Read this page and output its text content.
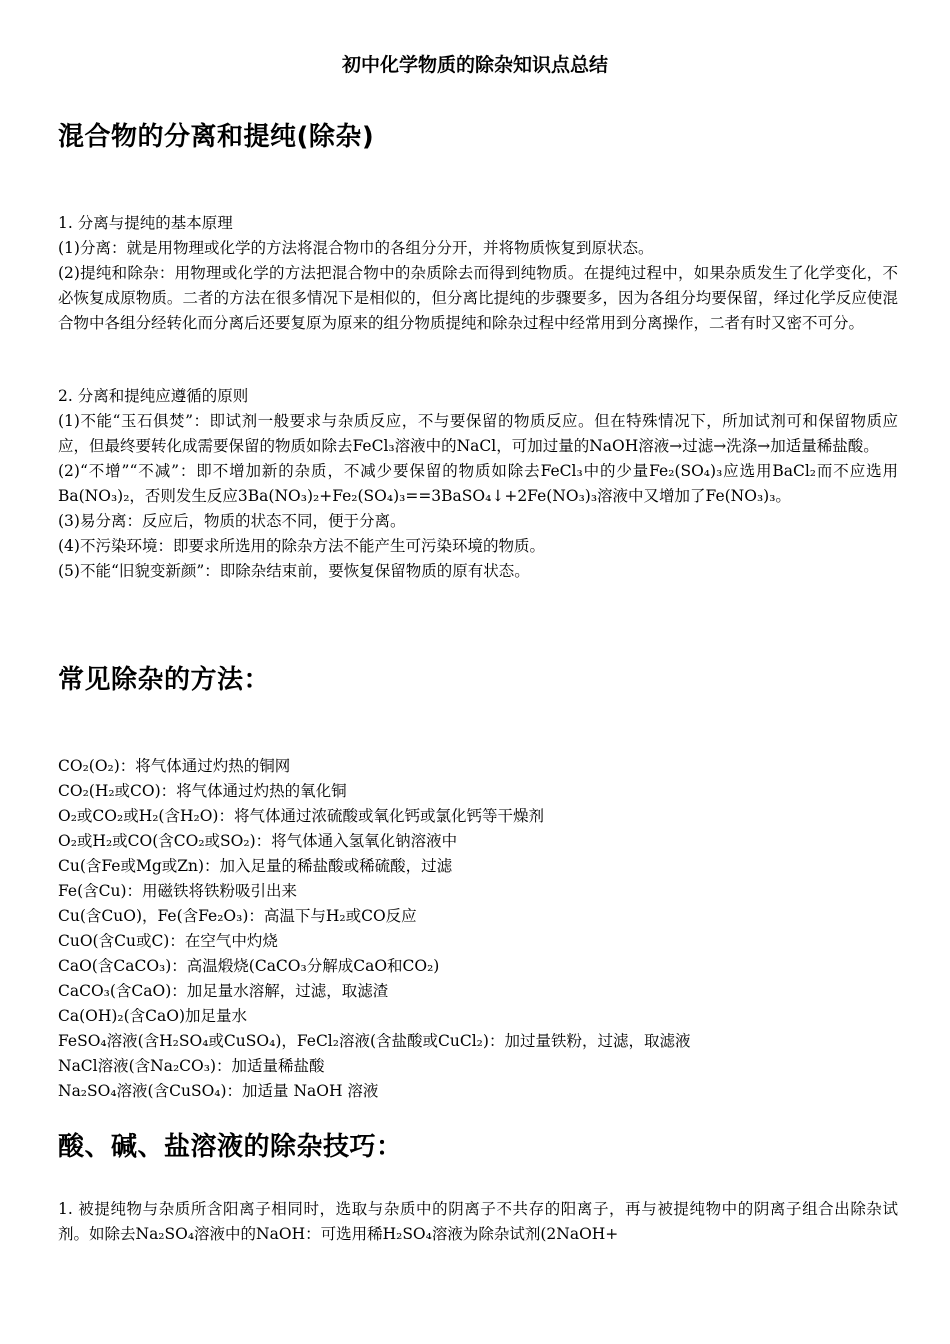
初中化学物质的除杂知识点总结
混合物的分离和提纯(除杂)

1. 分离与提纯的基本原理

(1)分离：就是用物理或化学的方法将混合物巾的各组分分开，并将物质恢复到原状态。

(2)提纯和除杂：用物理或化学的方法把混合物中的杂质除去而得到纯物质。在提纯过程中，如果杂质发生了化学变化，不必恢复成原物质。二者的方法在很多情况下是相似的，但分离比提纯的步骤要多，因为各组分均要保留，绎过化学反应使混合物中各组分经转化而分离后还要复原为原来的组分物质提纯和除杂过程中经常用到分离操作，二者有时又密不可分。

2. 分离和提纯应遵循的原则

(1)不能“玉石俱焚”：即试剂一般要求与杂质反应，不与要保留的物质反应。但在特殊情况下，所加试剂可和保留物质应应，但最终要转化成需要保留的物质如除去FeCl₃溶液中的NaCl，可加过量的NaOH溶液→过滤→洗涤→加适量稀盐酸。

(2)“不增”“不减”：即不增加新的杂质，不减少要保留的物质如除去FeCl₃中的少量Fe₂(SO₄)₃应选用BaCl₂而不应选用Ba(NO₃)₂，否则发生反应3Ba(NO₃)₂+Fe₂(SO₄)₃==3BaSO₄↓+2Fe(NO₃)₃溶液中又增加了Fe(NO₃)₃。

(3)易分离：反应后，物质的状态不同，便于分离。

(4)不污染环境：即要求所选用的除杂方法不能产生可污染环境的物质。

(5)不能“旧貌变新颜”：即除杂结束前，要恢复保留物质的原有状态。

常见除杂的方法：
CO₂(O₂)：将气体通过灼热的铜网
CO₂(H₂或CO)：将气体通过灼热的氧化铜
O₂或CO₂或H₂(含H₂O)：将气体通过浓硫酸或氧化钙或氯化钙等干燥剂
O₂或H₂或CO(含CO₂或SO₂)：将气体通入氢氧化钠溶液中
Cu(含Fe或Mg或Zn)：加入足量的稀盐酸或稀硫酸，过滤
Fe(含Cu)：用磁铁将铁粉吸引出来
Cu(含CuO)，Fe(含Fe₂O₃)：高温下与H₂或CO反应
CuO(含Cu或C)：在空气中灼烧
CaO(含CaCO₃)：高温煅烧(CaCO₃分解成CaO和CO₂)
CaCO₃(含CaO)：加足量水溶解，过滤，取滤渣
Ca(OH)₂(含CaO)加足量水
FeSO₄溶液(含H₂SO₄或CuSO₄)，FeCl₂溶液(含盐酸或CuCl₂)：加过量铁粉，过滤，取滤液
NaCl溶液(含Na₂CO₃)：加适量稀盐酸
Na₂SO₄溶液(含CuSO₄)：加适量 NaOH 溶液
酸、碱、盐溶液的除杂技巧：

1. 被提纯物与杂质所含阳离子相同时，选取与杂质中的阴离子不共存的阳离子，再与被提纯物中的阴离子组合出除杂试剂。如除去Na₂SO₄溶液中的NaOH：可选用稀H₂SO₄溶液为除杂试剂(2NaOH+
